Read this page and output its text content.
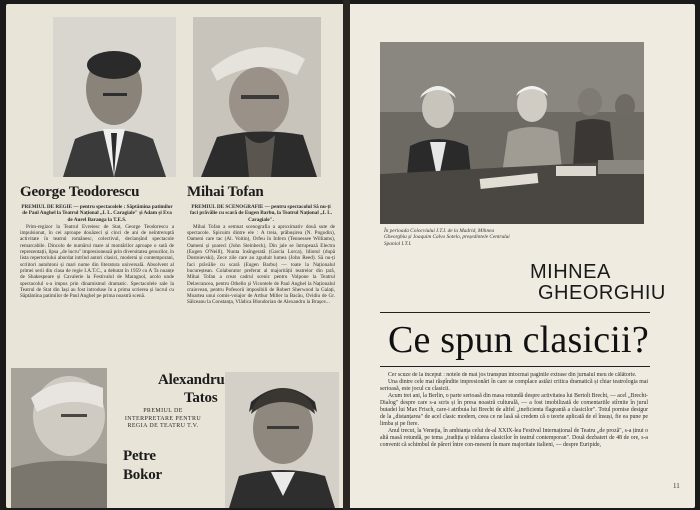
George Teodorescu	Mihai Tofan

PREMIUL DE REGIE — pentru spectacolele : Săptămîna patimilor de Paul Anghel la Teatrul Național „I. L. Caragiale" și Adam și Eva de Aurel Baranga la T.E.S.

Prim-regizor la Teatrul Evreiesc de Stat, George Teodorescu a impulsionat, în cei aproape douăzeci și cinci de ani de neîntreruptă activitate în teatrul românesc, colectivul, declanșînd spectacole remarcabile. Dincolo de numărul mare al montărilor aproape o sută de reprezentații, lipsa „de lucru" impresionează prin diversitatea genurilor, în lista repertoriului abordat intrînd autori clasici, moderni și contemporani, scriitori autohtoni și mari nume din literatura universală. Absolvent al primei serii din clasa de regie I.A.T.C., a debutat în 1959 cu A Ta nuanțe de Shakespeare și Cavalerie la Festivalul de Maragnol, acolo unde spectacolul s-a impus prin dinamismul dramatic. Spectacolele sale la Teatrul de Stat din Iași au fost introduse în a prima scrierea și lucrul cu Săptămîna patimilor de Paul Anghel pe prima noastră scenă.

PREMIUL DE SCENOGRAFIE — pentru spectacolul Să nu-ți faci prăvălie cu scară de Eugen Barbu, la Teatrul Național „I. L. Caragiale".

Mihai Tofan a semnat scenografia a aproximativ două sute de spectacole. Spicuim dintre ele : A treia, prăbușirea (N. Pogodin), Oameni care tac (Al. Voitin), Orfeu în Infern (Tennessee Williams), Oameni și șoareci (John Steinbeck), Din jale se întrupează Electra (Eugen O'Neill), Nunta însîngerată (García Lorca), Idiotul (după Dostoievski), Zece zile care au zguduit lumea (John Reed). Să nu-ți faci prăvălie cu scară (Eugen Barbu) — toate la Naționalul bucureștean. Colaborator preferat al majorității teatrelor din țară, Mihai Tofan a creat cadrul scenic pentru Volpone la Teatrul Delavrancea, pentru Othello și Vicontele de Paul Anghel la Naționalul craiovean, pentru Pofesorii imposibili de Robert Sherwood la Galați, Moartea unui comis-voiajor de Arthur Miller la Bacău, Ovidiu de Gr. Sălceanu la Constanța, Vlădica Blondorian de Alexandru la Brașov...

Alexandru
Tatos
PREMIUL DE INTERPRETARE PENTRU REGIA DE TEATRU T.V.
Petre
Bokor
În perioada Colocviului I.T.I. de la Madrid, Mihnea Gheorghiu și Joaquim Calvo Sotelo, președintele Centrului Spaniol I.T.I.
MIHNEA
GHEORGHIU
Ce spun clasicii?

Cer scuze de la început : notele de mai jos transpun întocmai paginile extrase din jurnalul meu de călătorie.

Una dintre cele mai răspîndite impresionări în care se complace astăzi critica dramatică și chiar teatrologia mai serioasă, este jocul cu clasicii.

Acum trei ani, la Berlin, o parte serioasă din masa rotundă despre activitatea lui Bertolt Brecht, — acel „Brecht-Dialog" despre care s-a scris și în presa noastră culturală, — a fost imobilizată de comentariile stîrnite în jurul butadei lui Max Frisch, care-i atribuia lui Brecht de altfel „ineficienta flagrantă a clasicilor". Totul pornise desigur de la „distanțarea" de acel clasic modern, ceea ce ne lasă să credem că o teorie aplicată de el însuși, fie ea pune pe limba și pe fiere.

Anul trecut, la Veneția, în ambianța celui de-al XXIX-lea Festival Internațional de Teatru „de proză", s-a ținut o altă masă rotundă, pe tema „tradiția și trădarea clasicilor în teatrul contemporan". Două dezbateri de 48 de ore, s-a convenit că schimbul de păreri între con-meseni în mare majoritate italieni, — despre Euripide,

11
